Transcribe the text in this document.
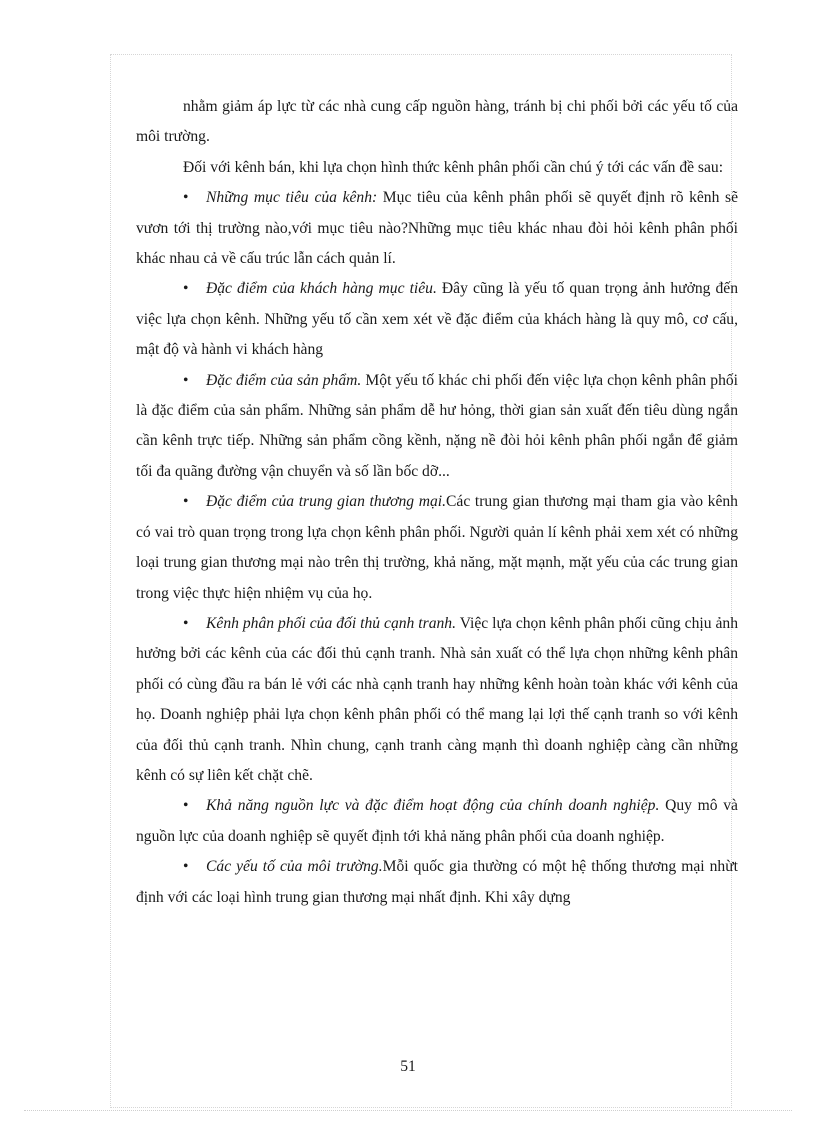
nhằm giảm áp lực từ các nhà cung cấp nguồn hàng, tránh bị chi phối bởi các yếu tố của môi trường.

Đối với kênh bán, khi lựa chọn hình thức kênh phân phối cần chú ý tới các vấn đề sau:

• Những mục tiêu của kênh: Mục tiêu của kênh phân phối sẽ quyết định rõ kênh sẽ vươn tới thị trường nào,với mục tiêu nào?Những mục tiêu khác nhau đòi hỏi kênh phân phối khác nhau cả về cấu trúc lẫn cách quản lí.

• Đặc điểm của khách hàng mục tiêu. Đây cũng là yếu tố quan trọng ảnh hưởng đến việc lựa chọn kênh. Những yếu tố cần xem xét về đặc điểm của khách hàng là quy mô, cơ cấu, mật độ và hành vi khách hàng

• Đặc điểm của sản phẩm. Một yếu tố khác chi phối đến việc lựa chọn kênh phân phối là đặc điểm của sản phẩm. Những sản phẩm dễ hư hỏng, thời gian sản xuất đến tiêu dùng ngắn cần kênh trực tiếp. Những sản phẩm cồng kềnh, nặng nề đòi hỏi kênh phân phối ngắn để giảm tối đa quãng đường vận chuyển và số lần bốc dỡ...

• Đặc điểm của trung gian thương mại.Các trung gian thương mại tham gia vào kênh có vai trò quan trọng trong lựa chọn kênh phân phối. Người quản lí kênh phải xem xét có những loại trung gian thương mại nào trên thị trường, khả năng, mặt mạnh, mặt yếu của các trung gian trong việc thực hiện nhiệm vụ của họ.

• Kênh phân phối của đối thủ cạnh tranh. Việc lựa chọn kênh phân phối cũng chịu ảnh hưởng bởi các kênh của các đối thủ cạnh tranh. Nhà sản xuất có thể lựa chọn những kênh phân phối có cùng đầu ra bán lẻ với các nhà cạnh tranh hay những kênh hoàn toàn khác với kênh của họ. Doanh nghiệp phải lựa chọn kênh phân phối có thể mang lại lợi thế cạnh tranh so với kênh của đối thủ cạnh tranh. Nhìn chung, cạnh tranh càng mạnh thì doanh nghiệp càng cần những kênh có sự liên kết chặt chẽ.

• Khả năng nguồn lực và đặc điểm hoạt động của chính doanh nghiệp. Quy mô và nguồn lực của doanh nghiệp sẽ quyết định tới khả năng phân phối của doanh nghiệp.

• Các yếu tố của môi trường.Mỗi quốc gia thường có một hệ thống thương mại nhừt định với các loại hình trung gian thương mại nhất định. Khi xây dựng

51
